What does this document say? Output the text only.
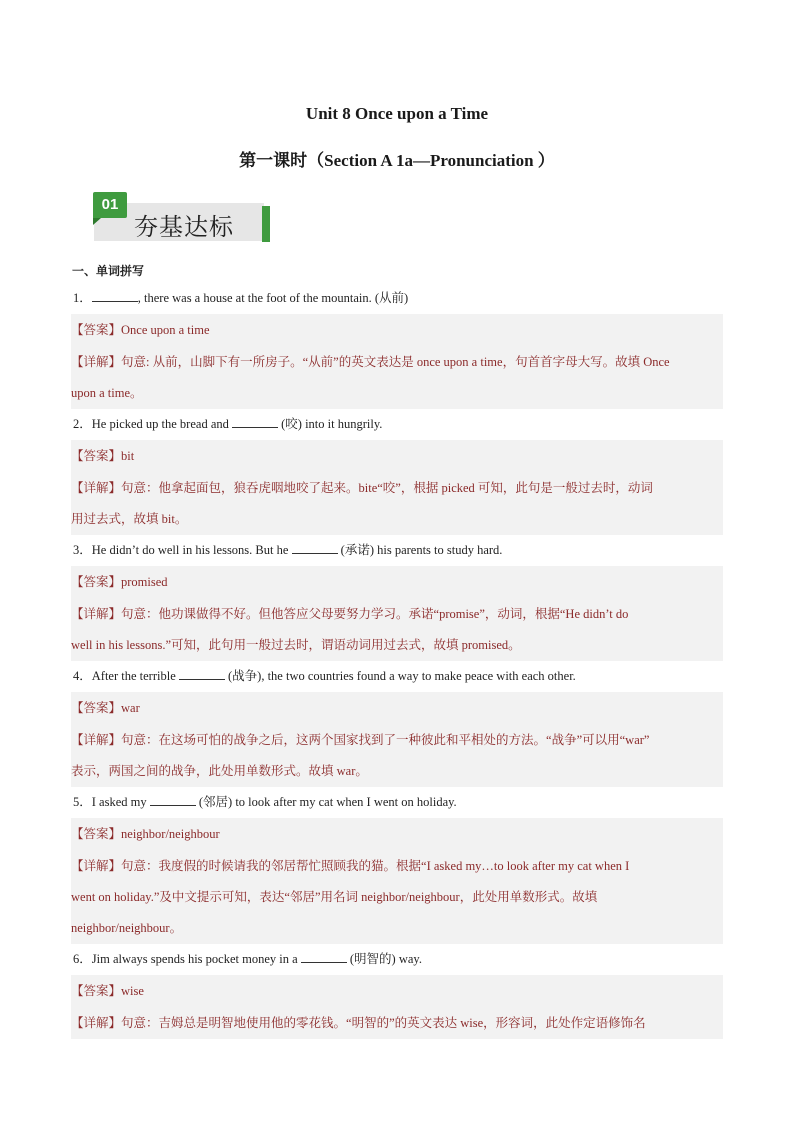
Unit 8 Once upon a Time
第一课时（Section A 1a—Pronunciation ）
01
夯基达标
一、单词拼写
1．	, there was a house at the foot of the mountain. (从前)
【答案】Once upon a time
【详解】句意: 从前，山脚下有一所房子。“从前”的英文表达是 once upon a time，句首首字母大写。故填 Once
upon a time。
2．He picked up the bread and	(咬) into it hungrily.
【答案】bit
【详解】句意：他拿起面包，狼吞虎咽地咬了起来。bite“咬”，根据 picked 可知，此句是一般过去时，动词
用过去式，故填 bit。
3．He didn’t do well in his lessons. But he	(承诺) his parents to study hard.
【答案】promised
【详解】句意：他功课做得不好。但他答应父母要努力学习。承诺“promise”，动词，根据“He didn’t do
well in his lessons.”可知，此句用一般过去时，谓语动词用过去式，故填 promised。
4．After the terrible	(战争), the two countries found a way to make peace with each other.
【答案】war
【详解】句意：在这场可怕的战争之后，这两个国家找到了一种彼此和平相处的方法。“战争”可以用“war”
表示，两国之间的战争，此处用单数形式。故填 war。
5．I asked my	(邻居) to look after my cat when I went on holiday.
【答案】neighbor/neighbour
【详解】句意：我度假的时候请我的邻居帮忙照顾我的猫。根据“I asked my…to look after my cat when I
went on holiday.”及中文提示可知，表达“邻居”用名词 neighbor/neighbour，此处用单数形式。故填
neighbor/neighbour。
6．Jim always spends his pocket money in a	(明智的) way.
【答案】wise
【详解】句意：吉姆总是明智地使用他的零花钱。“明智的”的英文表达 wise，形容词，此处作定语修饰名
